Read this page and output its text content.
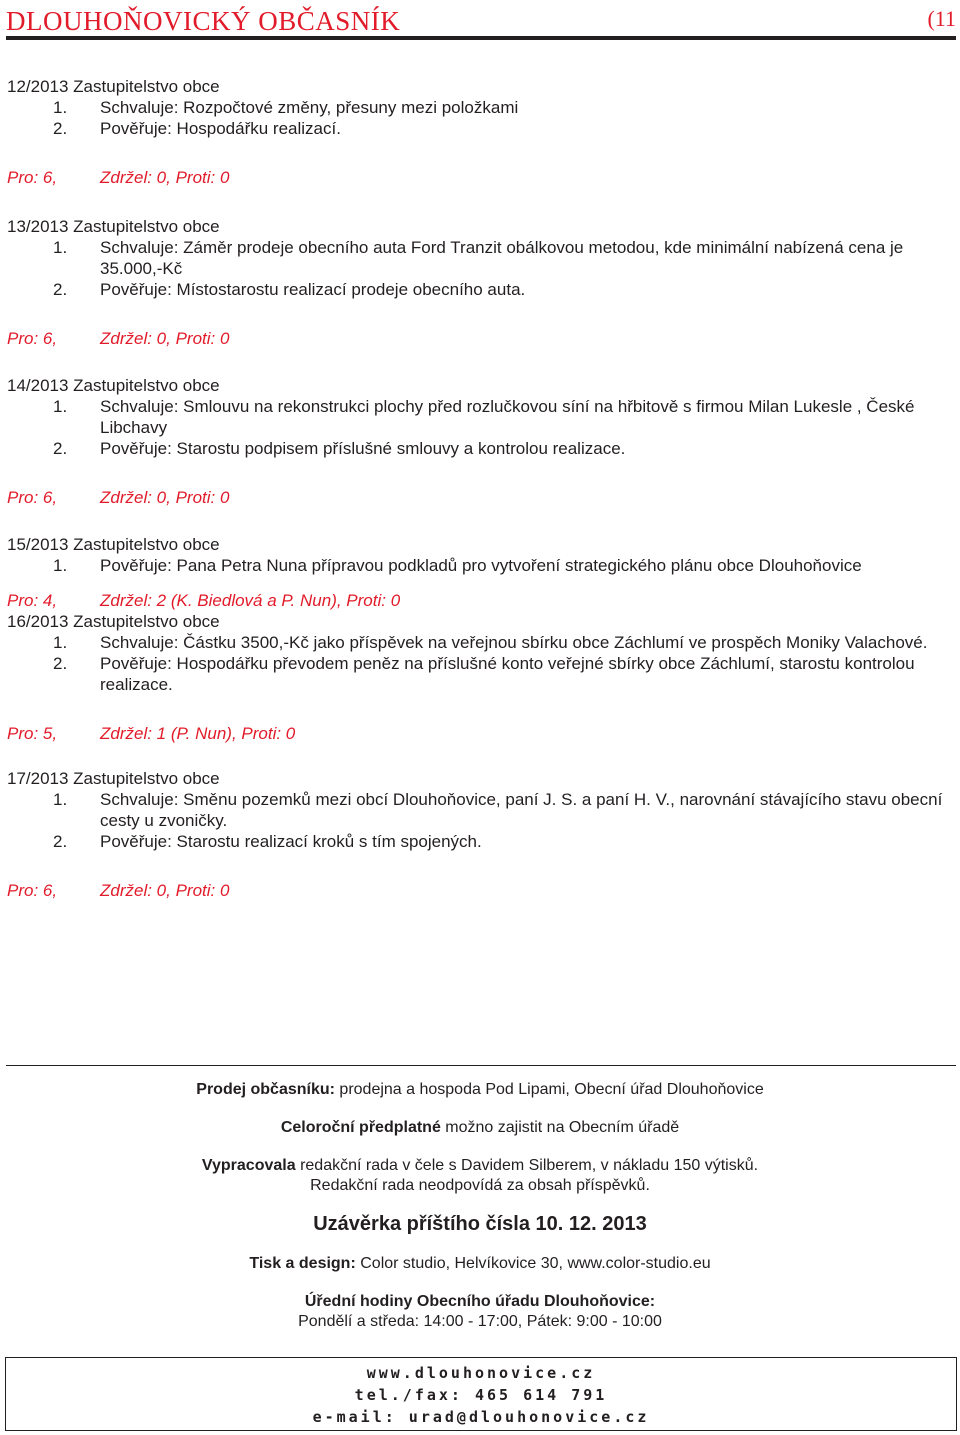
DLOUHOŇOVICKÝ OBČASNÍK	(11
12/2013 Zastupitelstvo obce
1.	Schvaluje: Rozpočtové změny, přesuny mezi položkami
2.	Pověřuje: Hospodářku realizací.
Pro: 6,	Zdržel: 0, Proti: 0
13/2013 Zastupitelstvo obce
1.	Schvaluje: Záměr prodeje obecního auta Ford Tranzit obálkovou metodou, kde minimální nabízená cena je 35.000,-Kč
2.	Pověřuje: Místostarostu realizací prodeje obecního auta.
Pro: 6,	Zdržel: 0, Proti: 0
14/2013 Zastupitelstvo obce
1.	Schvaluje: Smlouvu na rekonstrukci plochy před rozlučkovou síní na hřbitově s firmou Milan Lukesle , České Libchavy
2.	Pověřuje: Starostu podpisem příslušné smlouvy a kontrolou realizace.
Pro: 6,	Zdržel: 0, Proti: 0
15/2013 Zastupitelstvo obce
1.	Pověřuje: Pana Petra Nuna přípravou podkladů pro vytvoření strategického plánu obce Dlouhoňovice
Pro: 4,	Zdržel: 2 (K. Biedlová a P. Nun), Proti: 0
16/2013 Zastupitelstvo obce
1.	Schvaluje: Částku 3500,-Kč jako příspěvek na veřejnou sbírku obce Záchlumí ve prospěch Moniky Valachové.
2.	Pověřuje: Hospodářku převodem peněz na příslušné konto veřejné sbírky obce Záchlumí, starostu kontrolou realizace.
Pro: 5,	Zdržel: 1 (P. Nun), Proti: 0
17/2013 Zastupitelstvo obce
1.	Schvaluje: Směnu pozemků mezi obcí Dlouhoňovice, paní J. S. a paní H. V., narovnání stávajícího stavu obecní cesty u zvoničky.
2.	Pověřuje: Starostu realizací kroků s tím spojených.
Pro: 6,	Zdržel: 0, Proti: 0
Prodej občasníku: prodejna a hospoda Pod Lipami, Obecní úřad Dlouhoňovice
Celoroční předplatné možno zajistit na Obecním úřadě
Vypracovala redakční rada v čele s Davidem Silberem, v nákladu 150 výtisků.
Redakční rada neodpovídá za obsah příspěvků.
Uzávěrka příštího čísla 10. 12. 2013
Tisk a design: Color studio, Helvíkovice 30, www.color-studio.eu
Úřední hodiny Obecního úřadu Dlouhoňovice:
Pondělí a středa: 14:00 - 17:00, Pátek: 9:00 - 10:00
www.dlouhonovice.cz
tel./fax: 465 614 791
e-mail: urad@dlouhonovice.cz
